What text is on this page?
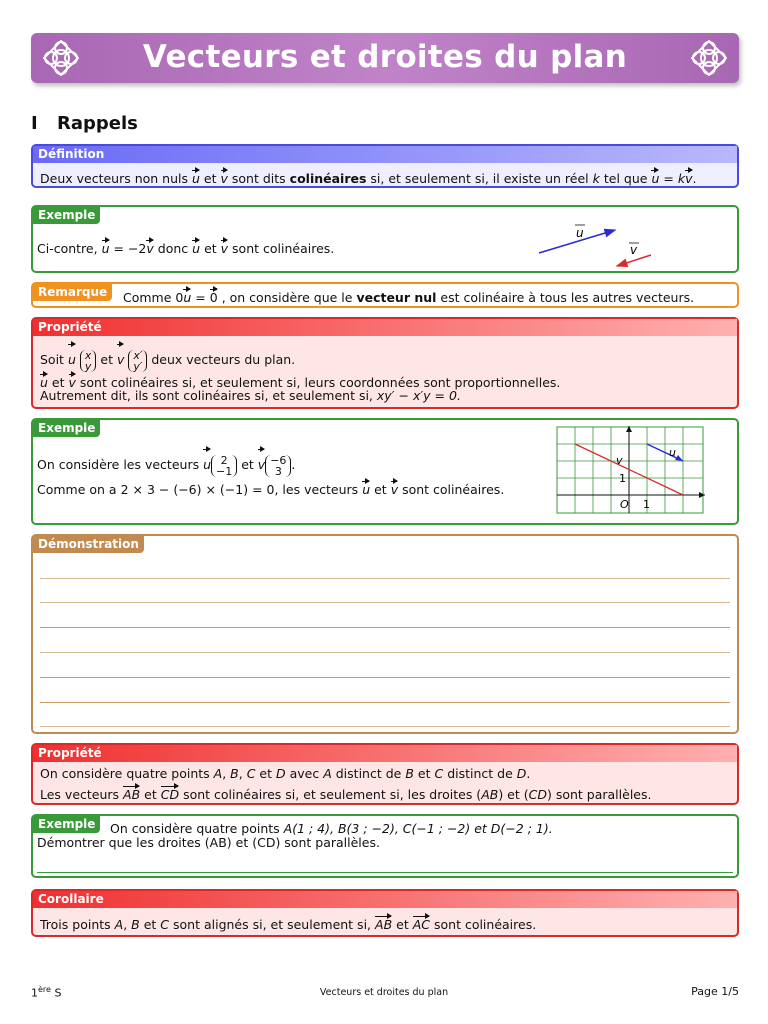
Vecteurs et droites du plan
I Rappels
Définition
Deux vecteurs non nuls u et v sont dits colinéaires si, et seulement si, il existe un réel k tel que u = kv.
Exemple
Ci-contre, u = −2v donc u et v sont colinéaires.
u
v
Remarque	Comme 0u = 0 , on considère que le vecteur nul est colinéaire à tous les autres vecteurs.
Propriété
Soit u x
y et v x′
y′ deux vecteurs du plan.
u et v sont colinéaires si, et seulement si, leurs coordonnées sont proportionnelles.
Autrement dit, ils sont colinéaires si, et seulement si, xy′ − x′y = 0.
Exemple
On considère les vecteurs u 2
−1 et v −6
3 .
Comme on a 2 × 3 − (−6) × (−1) = 0, les vecteurs u et v sont colinéaires.
u
v
1
O 1
Démonstration
Propriété
On considère quatre points A, B, C et D avec A distinct de B et C distinct de D.
Les vecteurs AB et CD sont colinéaires si, et seulement si, les droites (AB) et (CD) sont parallèles.
Exemple	On considère quatre points A(1 ; 4), B(3 ; −2), C(−1 ; −2) et D(−2 ; 1).
Démontrer que les droites (AB) et (CD) sont parallèles.
Corollaire
Trois points A, B et C sont alignés si, et seulement si, AB et AC sont colinéaires.
1ère S	Vecteurs et droites du plan	Page 1/5
